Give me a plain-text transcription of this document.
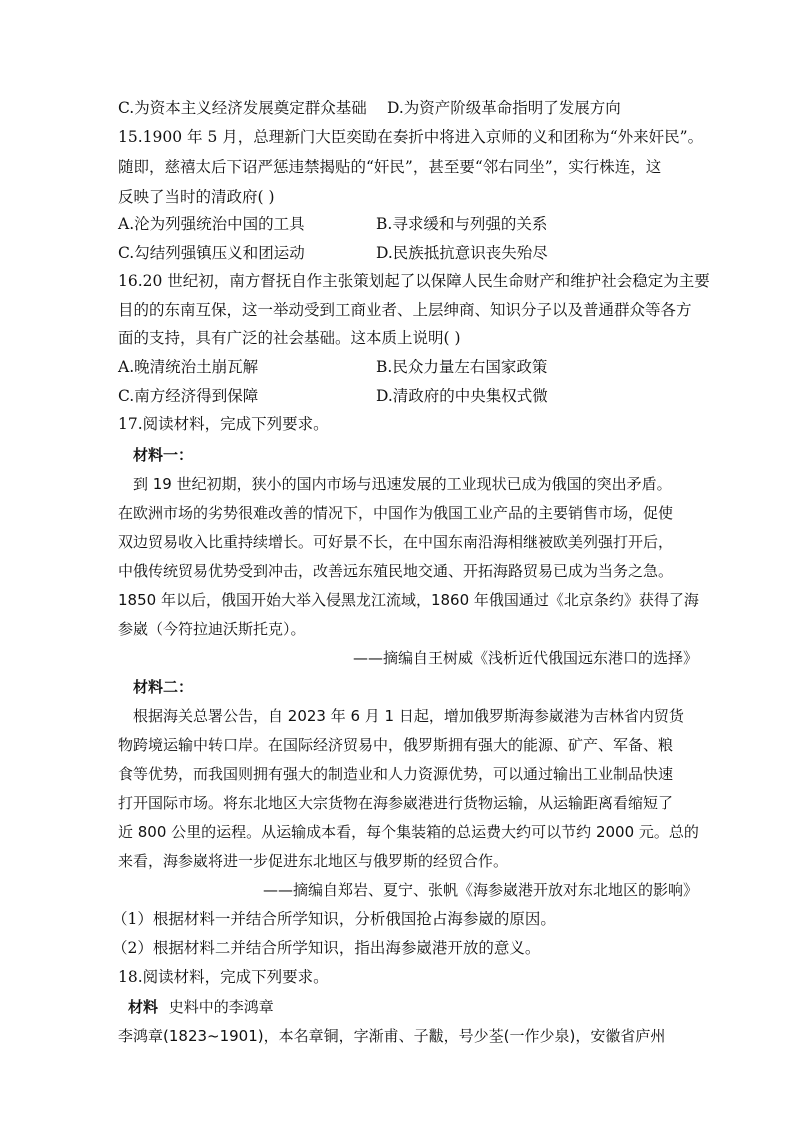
C.为资本主义经济发展奠定群众基础 D.为资产阶级革命指明了发展方向
15.1900 年 5 月，总理新门大臣奕劻在奏折中将进入京师的义和团称为“外来奸民”。
随即，慈禧太后下诏严惩违禁揭贴的“奸民”，甚至要“邻右同坐”，实行株连，这
反映了当时的清政府( )
A.沦为列强统治中国的工具	B.寻求缓和与列强的关系
C.勾结列强镇压义和团运动	D.民族抵抗意识丧失殆尽
16.20 世纪初，南方督抚自作主张策划起了以保障人民生命财产和维护社会稳定为主要
目的的东南互保，这一举动受到工商业者、上层绅商、知识分子以及普通群众等各方
面的支持，具有广泛的社会基础。这本质上说明( )
A.晚清统治土崩瓦解	B.民众力量左右国家政策
C.南方经济得到保障	D.清政府的中央集权式微
17.阅读材料，完成下列要求。
材料一：
到 19 世纪初期，狭小的国内市场与迅速发展的工业现状已成为俄国的突出矛盾。
在欧洲市场的劣势很难改善的情况下，中国作为俄国工业产品的主要销售市场，促使
双边贸易收入比重持续增长。可好景不长，在中国东南沿海相继被欧美列强打开后，
中俄传统贸易优势受到冲击，改善远东殖民地交通、开拓海路贸易已成为当务之急。
1850 年以后，俄国开始大举入侵黑龙江流域，1860 年俄国通过《北京条约》获得了海
参崴（今符拉迪沃斯托克）。
——摘编自王树威《浅析近代俄国远东港口的选择》
材料二：
根据海关总署公告，自 2023 年 6 月 1 日起，增加俄罗斯海参崴港为吉林省内贸货
物跨境运输中转口岸。在国际经济贸易中，俄罗斯拥有强大的能源、矿产、军备、粮
食等优势，而我国则拥有强大的制造业和人力资源优势，可以通过输出工业制品快速
打开国际市场。将东北地区大宗货物在海参崴港进行货物运输，从运输距离看缩短了
近 800 公里的运程。从运输成本看，每个集装箱的总运费大约可以节约 2000 元。总的
来看，海参崴将进一步促进东北地区与俄罗斯的经贸合作。
——摘编自郑岩、夏宁、张帆《海参崴港开放对东北地区的影响》
（1）根据材料一并结合所学知识，分析俄国抢占海参崴的原因。
（2）根据材料二并结合所学知识，指出海参崴港开放的意义。
18.阅读材料，完成下列要求。
材料 史料中的李鸿章
李鸿章(1823~1901)，本名章铜，字渐甫、子黻，号少荃(一作少泉)，安徽省庐州
